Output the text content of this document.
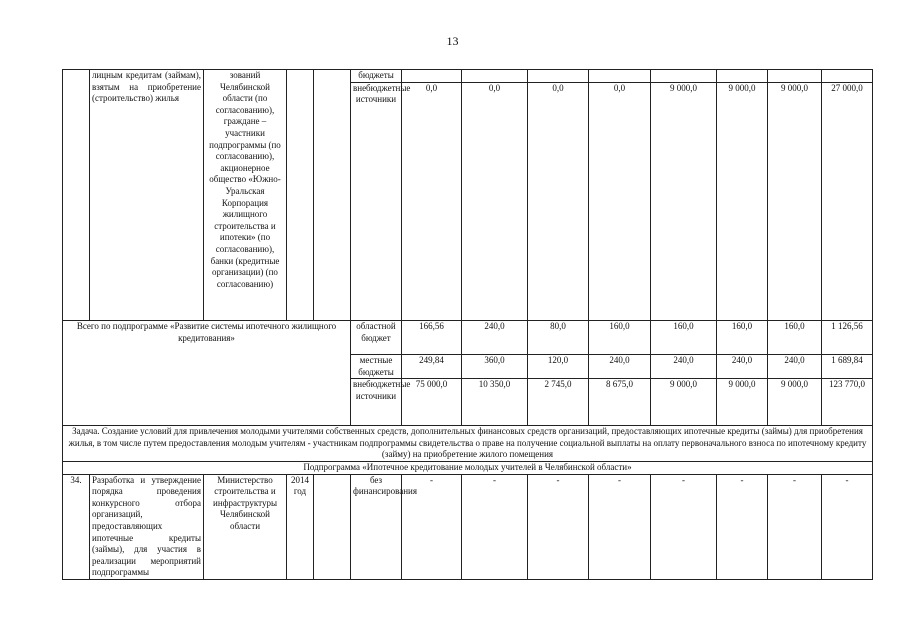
13
	лицным кредитам (займам), взятым на приобретение (строительство) жилья	зований Челябинской области (по согласованию), граждане – участники подпрограммы (по согласованию), акционерное общество «Южно-Уральская Корпорация жилищного строительства и ипотеки» (по согласованию), банки (кредитные организации) (по согласованию)			бюджеты								
					внебюджетные источники	0,0	0,0	0,0	0,0	9 000,0	9 000,0	9 000,0	27 000,0
Всего по подпрограмме «Развитие системы ипотечного жилищного кредитования»					областной бюджет	166,56	240,0	80,0	160,0	160,0	160,0	160,0	1 126,56
					местные бюджеты	249,84	360,0	120,0	240,0	240,0	240,0	240,0	1 689,84
					внебюджетные источники	75 000,0	10 350,0	2 745,0	8 675,0	9 000,0	9 000,0	9 000,0	123 770,0
Задача. Создание условий для привлечения молодыми учителями собственных средств, дополнительных финансовых средств организаций, предоставляющих ипотечные кредиты (займы) для приобретения жилья, в том числе путем предоставления молодым учителям - участникам подпрограммы свидетельства о праве на получение социальной выплаты на оплату первоначального взноса по ипотечному кредиту (займу) на приобретение жилого помещения													
Подпрограмма «Ипотечное кредитование молодых учителей в Челябинской области»													
34.	Разработка и утверждение порядка проведения конкурсного отбора организаций, предоставляющих ипотечные кредиты (займы), для участия в реализации мероприятий подпрограммы	Министерство строительства и инфраструктуры Челябинской области	2014 год		без финансирования	-	-	-	-	-	-	-	-
